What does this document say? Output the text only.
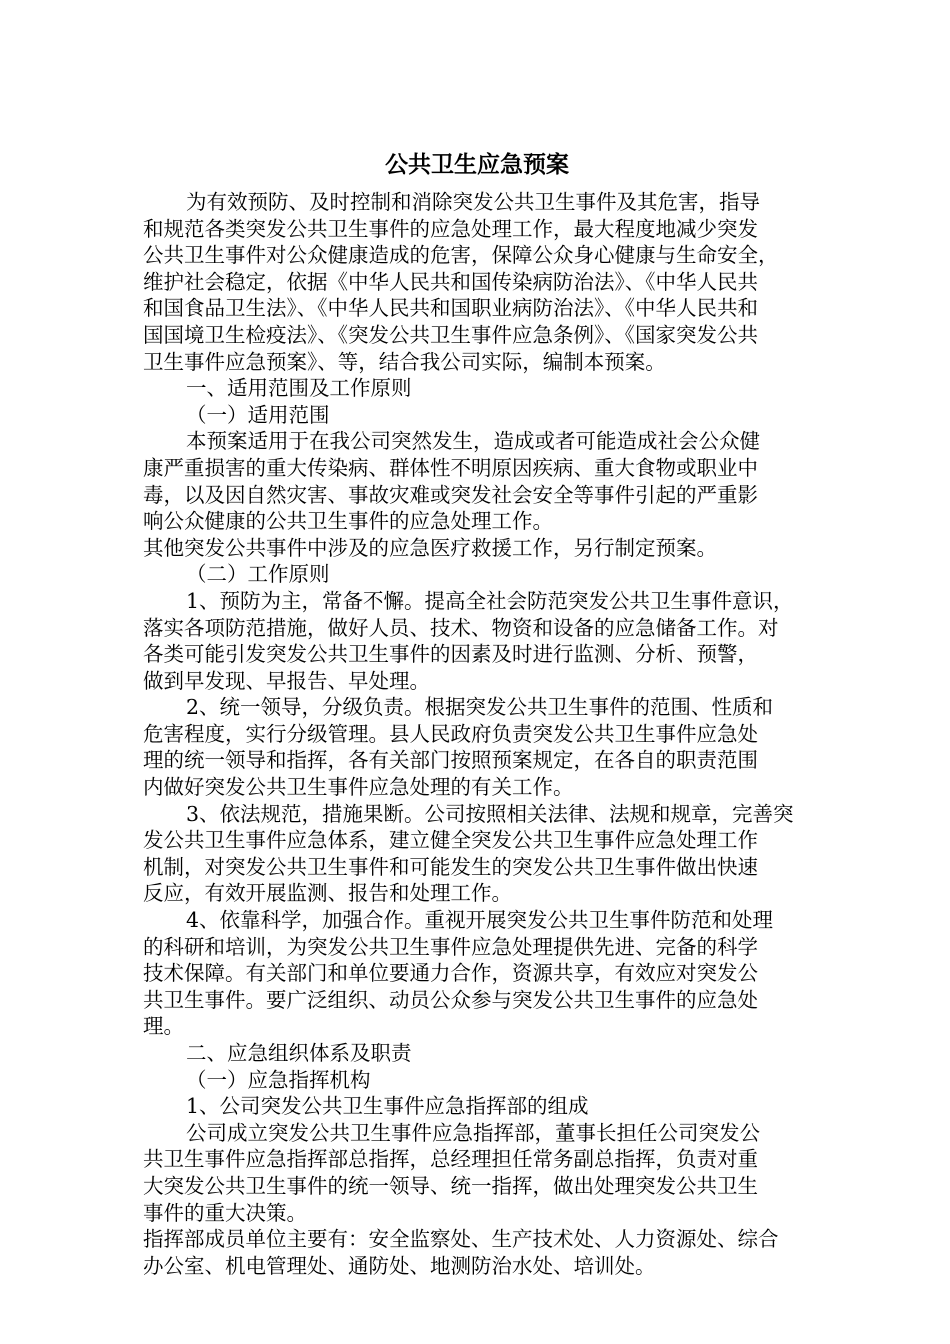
公共卫生应急预案
为有效预防、及时控制和消除突发公共卫生事件及其危害，指导
和规范各类突发公共卫生事件的应急处理工作，最大程度地减少突发
公共卫生事件对公众健康造成的危害，保障公众身心健康与生命安全，
维护社会稳定，依据《中华人民共和国传染病防治法》、《中华人民共
和国食品卫生法》、《中华人民共和国职业病防治法》、《中华人民共和
国国境卫生检疫法》、《突发公共卫生事件应急条例》、《国家突发公共
卫生事件应急预案》、等，结合我公司实际，编制本预案。
一、适用范围及工作原则
（一）适用范围
本预案适用于在我公司突然发生，造成或者可能造成社会公众健
康严重损害的重大传染病、群体性不明原因疾病、重大食物或职业中
毒，以及因自然灾害、事故灾难或突发社会安全等事件引起的严重影
响公众健康的公共卫生事件的应急处理工作。
其他突发公共事件中涉及的应急医疗救援工作，另行制定预案。
（二）工作原则
1、预防为主，常备不懈。提高全社会防范突发公共卫生事件意识，
落实各项防范措施，做好人员、技术、物资和设备的应急储备工作。对
各类可能引发突发公共卫生事件的因素及时进行监测、分析、预警，
做到早发现、早报告、早处理。
2、统一领导，分级负责。根据突发公共卫生事件的范围、性质和
危害程度，实行分级管理。县人民政府负责突发公共卫生事件应急处
理的统一领导和指挥，各有关部门按照预案规定，在各自的职责范围
内做好突发公共卫生事件应急处理的有关工作。
3、依法规范，措施果断。公司按照相关法律、法规和规章，完善突
发公共卫生事件应急体系，建立健全突发公共卫生事件应急处理工作
机制，对突发公共卫生事件和可能发生的突发公共卫生事件做出快速
反应，有效开展监测、报告和处理工作。
4、依靠科学，加强合作。重视开展突发公共卫生事件防范和处理
的科研和培训，为突发公共卫生事件应急处理提供先进、完备的科学
技术保障。有关部门和单位要通力合作，资源共享，有效应对突发公
共卫生事件。要广泛组织、动员公众参与突发公共卫生事件的应急处
理。
二、应急组织体系及职责
（一）应急指挥机构
1、公司突发公共卫生事件应急指挥部的组成
公司成立突发公共卫生事件应急指挥部，董事长担任公司突发公
共卫生事件应急指挥部总指挥，总经理担任常务副总指挥，负责对重
大突发公共卫生事件的统一领导、统一指挥，做出处理突发公共卫生
事件的重大决策。
指挥部成员单位主要有：安全监察处、生产技术处、人力资源处、综合
办公室、机电管理处、通防处、地测防治水处、培训处。
